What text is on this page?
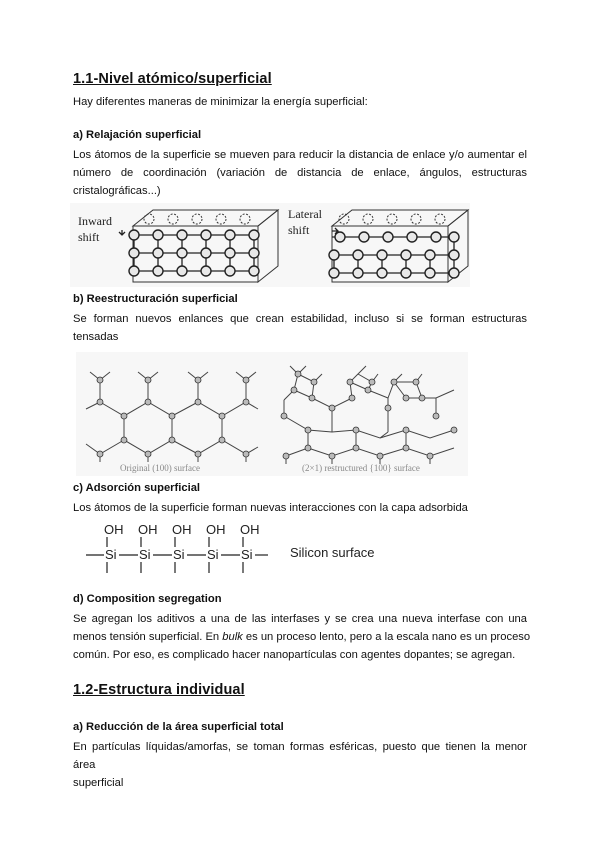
1.1-Nivel atómico/superficial
Hay diferentes maneras de minimizar la energía superficial:
a) Relajación superficial
Los átomos de la superficie se mueven para reducir la distancia de enlace y/o aumentar el
número de coordinación (variación de distancia de enlace, ángulos, estructuras
cristalográficas...)
Inward
shift
Lateral
shift
b) Reestructuración superficial
Se forman nuevos enlances que crean estabilidad, incluso si se forman estructuras
tensadas
Original (100) surface	(2×1) restructured {100} surface
c) Adsorción superficial
Los átomos de la superficie forman nuevas interacciones con la capa adsorbida
OH OH OH OH OH
Si Si Si Si Si	Silicon surface
d) Composition segregation
Se agregan los aditivos a una de las interfases y se crea una nueva interfase con una
menos tensión superficial. En bulk es un proceso lento, pero a la escala nano es un proceso
común. Por eso, es complicado hacer nanopartículas con agentes dopantes; se agregan.
1.2-Estructura individual
a) Reducción de la área superficial total
En partículas líquidas/amorfas, se toman formas esféricas, puesto que tienen la menor área
superficial
